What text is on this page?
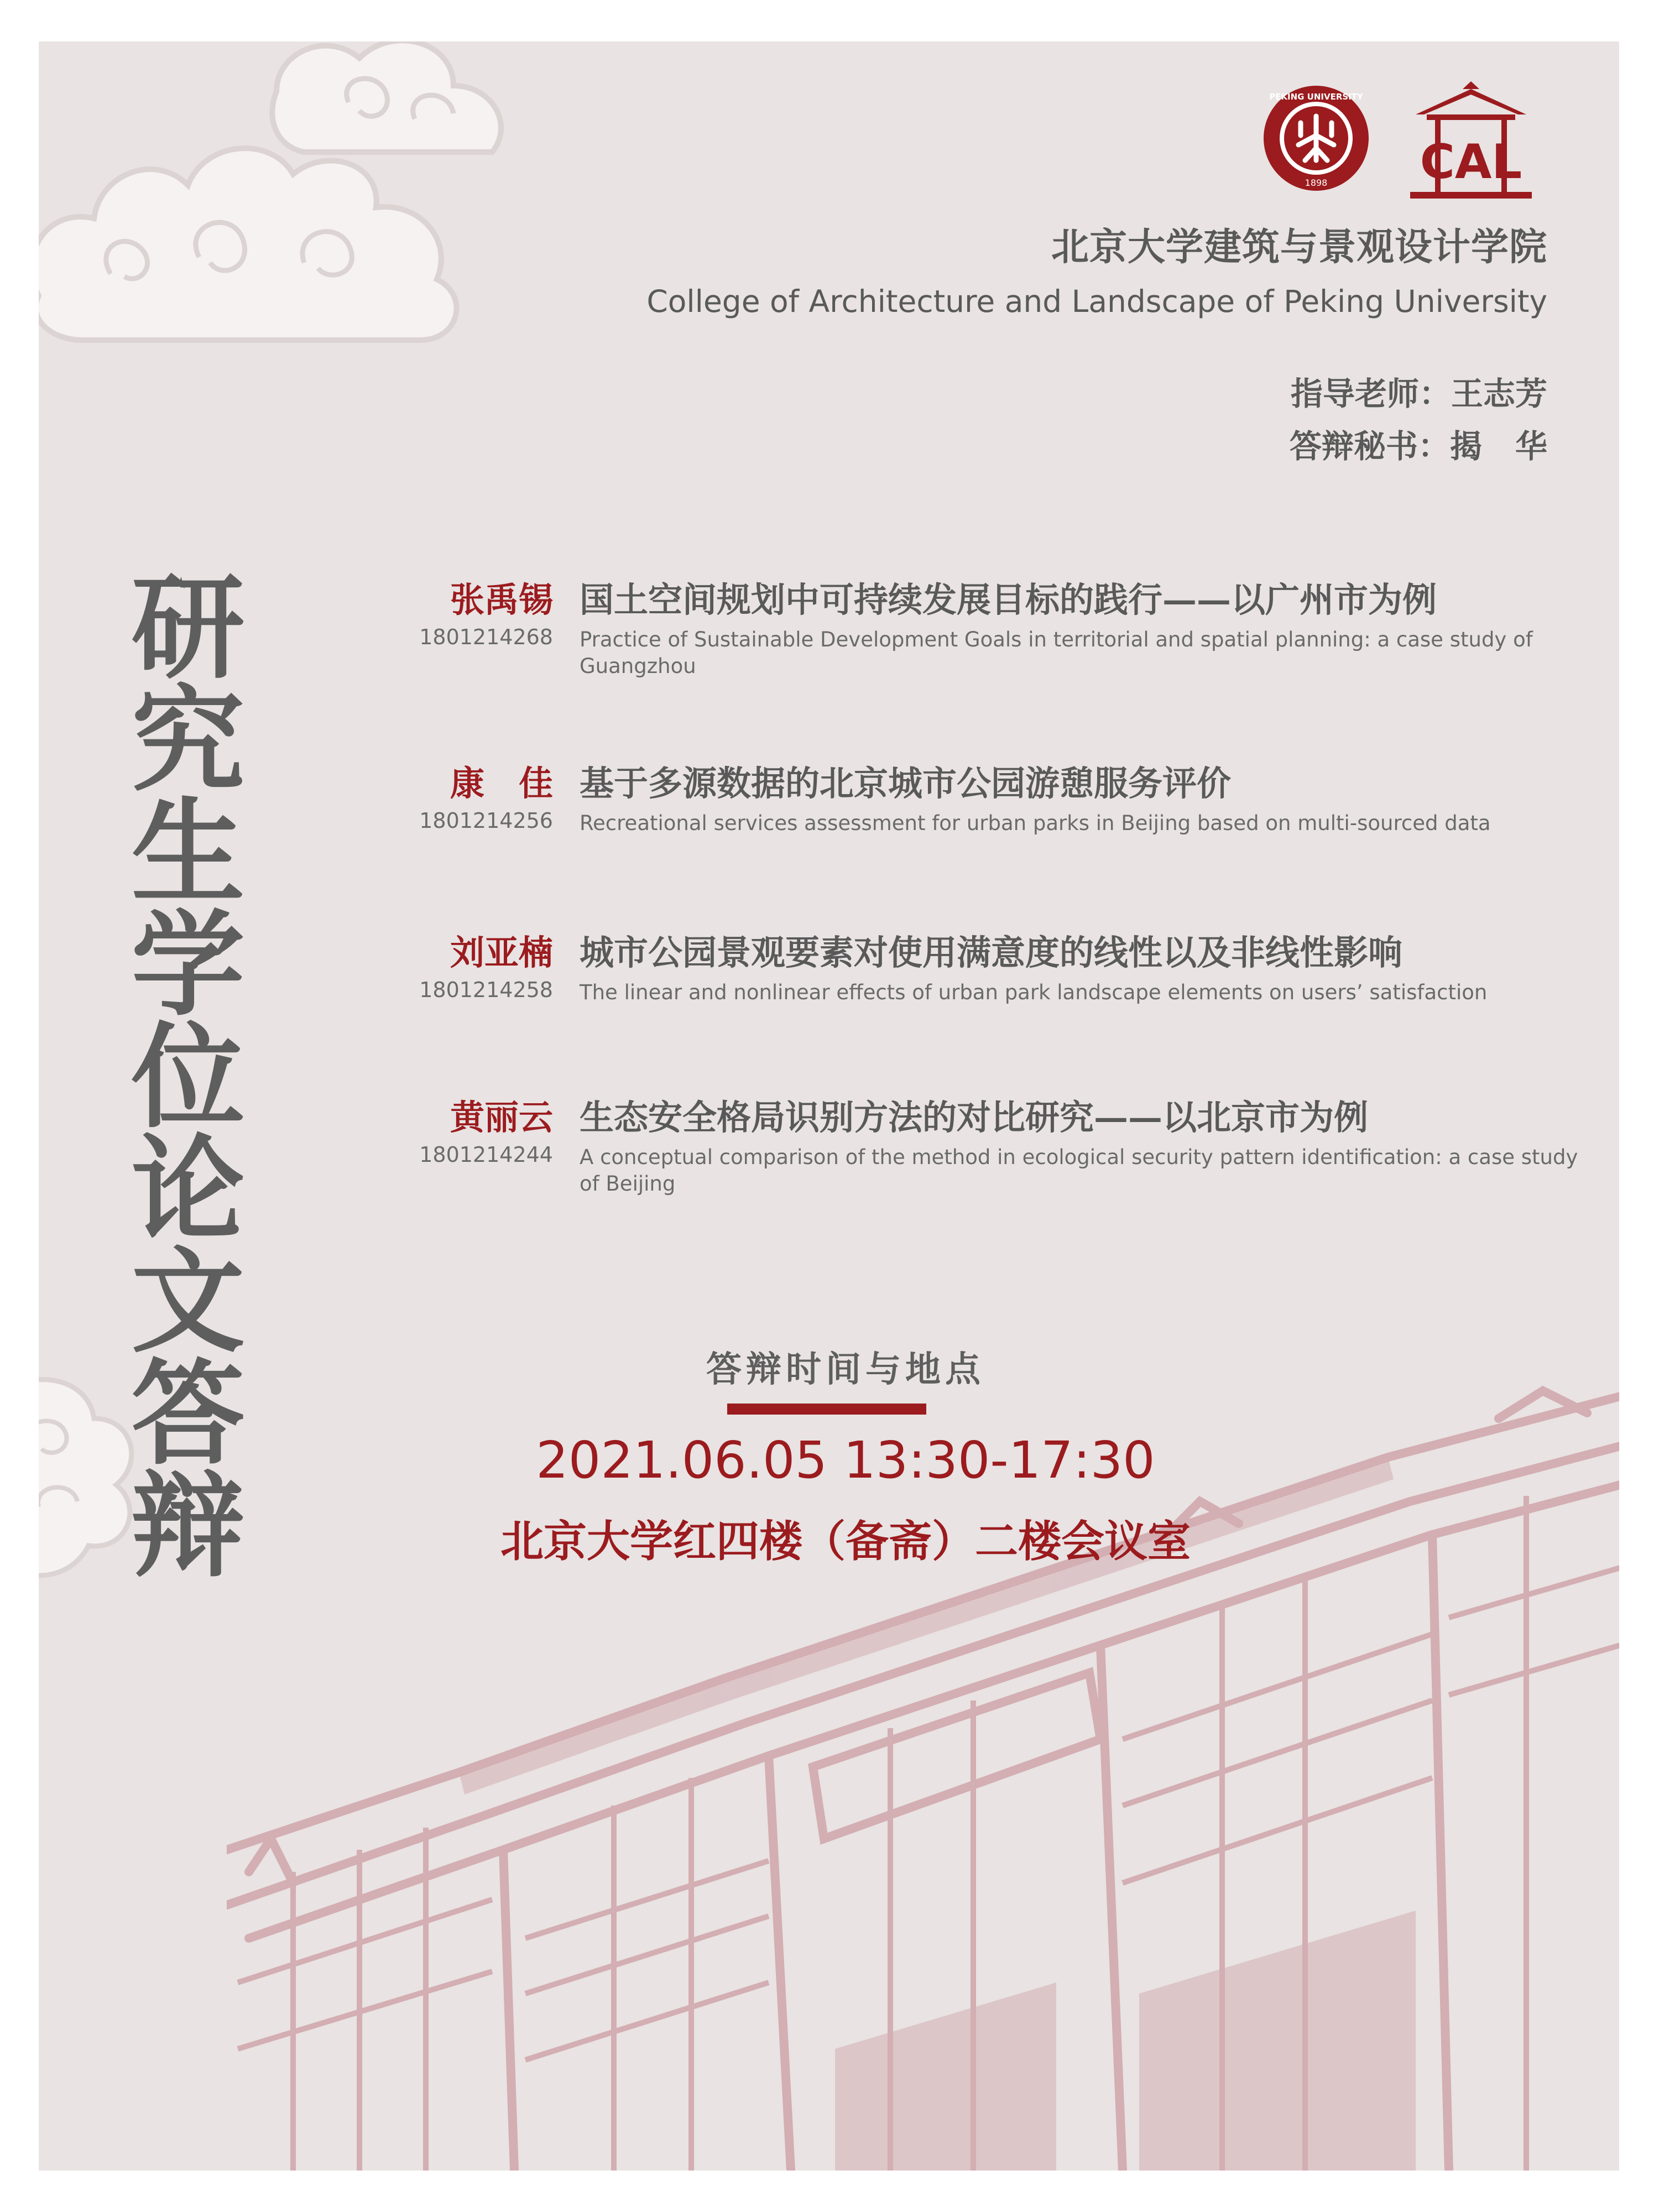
PEKING UNIVERSITY
1898 CAL
北京大学建筑与景观设计学院
College of Architecture and Landscape of Peking University
指导老师：王志芳
答辩秘书：揭 华
研究生学位论文答辩
张禹锡
1801214268
国土空间规划中可持续发展目标的践行——以广州市为例
Practice of Sustainable Development Goals in territorial and spatial planning: a case study of Guangzhou
康　佳
1801214256
基于多源数据的北京城市公园游憩服务评价
Recreational services assessment for urban parks in Beijing based on multi-sourced data
刘亚楠
1801214258
城市公园景观要素对使用满意度的线性以及非线性影响
The linear and nonlinear effects of urban park landscape elements on users’ satisfaction
黄丽云
1801214244
生态安全格局识别方法的对比研究——以北京市为例
A conceptual comparison of the method in ecological security pattern identification: a case study of Beijing
答辩时间与地点
2021.06.05 13:30-17:30
北京大学红四楼（备斋）二楼会议室
